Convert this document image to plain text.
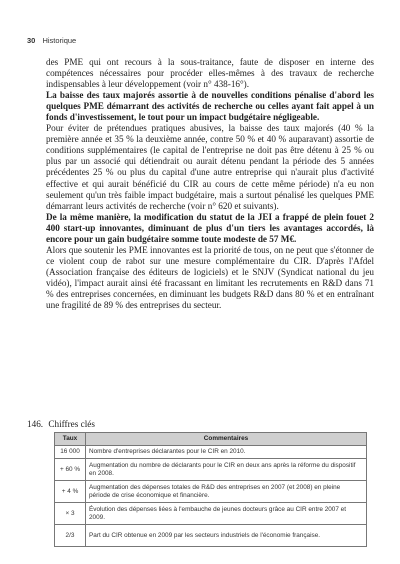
30 Historique

des PME qui ont recours à la sous-traitance, faute de disposer en interne des compétences nécessaires pour procéder elles-mêmes à des travaux de recherche indispensables à leur développement (voir n° 438-16°).

La baisse des taux majorés assortie à de nouvelles conditions pénalise d'abord les quelques PME démarrant des activités de recherche ou celles ayant fait appel à un fonds d'investissement, le tout pour un impact budgétaire négligeable.

Pour éviter de prétendues pratiques abusives, la baisse des taux majorés (40 % la première année et 35 % la deuxième année, contre 50 % et 40 % auparavant) assortie de conditions supplémentaires (le capital de l'entreprise ne doit pas être détenu à 25 % ou plus par un associé qui détiendrait ou aurait détenu pendant la période des 5 années précédentes 25 % ou plus du capital d'une autre entreprise qui n'aurait plus d'activité effective et qui aurait bénéficié du CIR au cours de cette même période) n'a eu non seulement qu'un très faible impact budgétaire, mais a surtout pénalisé les quelques PME démarrant leurs activités de recherche (voir n° 620 et suivants).

De la même manière, la modification du statut de la JEI a frappé de plein fouet 2 400 start-up innovantes, diminuant de plus d'un tiers les avantages accordés, là encore pour un gain budgétaire somme toute modeste de 57 M€.

Alors que soutenir les PME innovantes est la priorité de tous, on ne peut que s'étonner de ce violent coup de rabot sur une mesure complémentaire du CIR. D'après l'Afdel (Association française des éditeurs de logiciels) et le SNJV (Syndicat national du jeu vidéo), l'impact aurait ainsi été fracassant en limitant les recrutements en R&D dans 71 % des entreprises concernées, en diminuant les budgets R&D dans 80 % et en entraînant une fragilité de 89 % des entreprises du secteur.

146. Chiffres clés
Taux	Commentaires
16 000	Nombre d'entreprises déclarantes pour le CIR en 2010.
+ 60 %	Augmentation du nombre de déclarants pour le CIR en deux ans après la réforme du dispositif en 2008.
+ 4 %	Augmentation des dépenses totales de R&D des entreprises en 2007 (et 2008) en pleine période de crise économique et financière.
× 3	Évolution des dépenses liées à l'embauche de jeunes docteurs grâce au CIR entre 2007 et 2009.
2/3	Part du CIR obtenue en 2009 par les secteurs industriels de l'économie française.
